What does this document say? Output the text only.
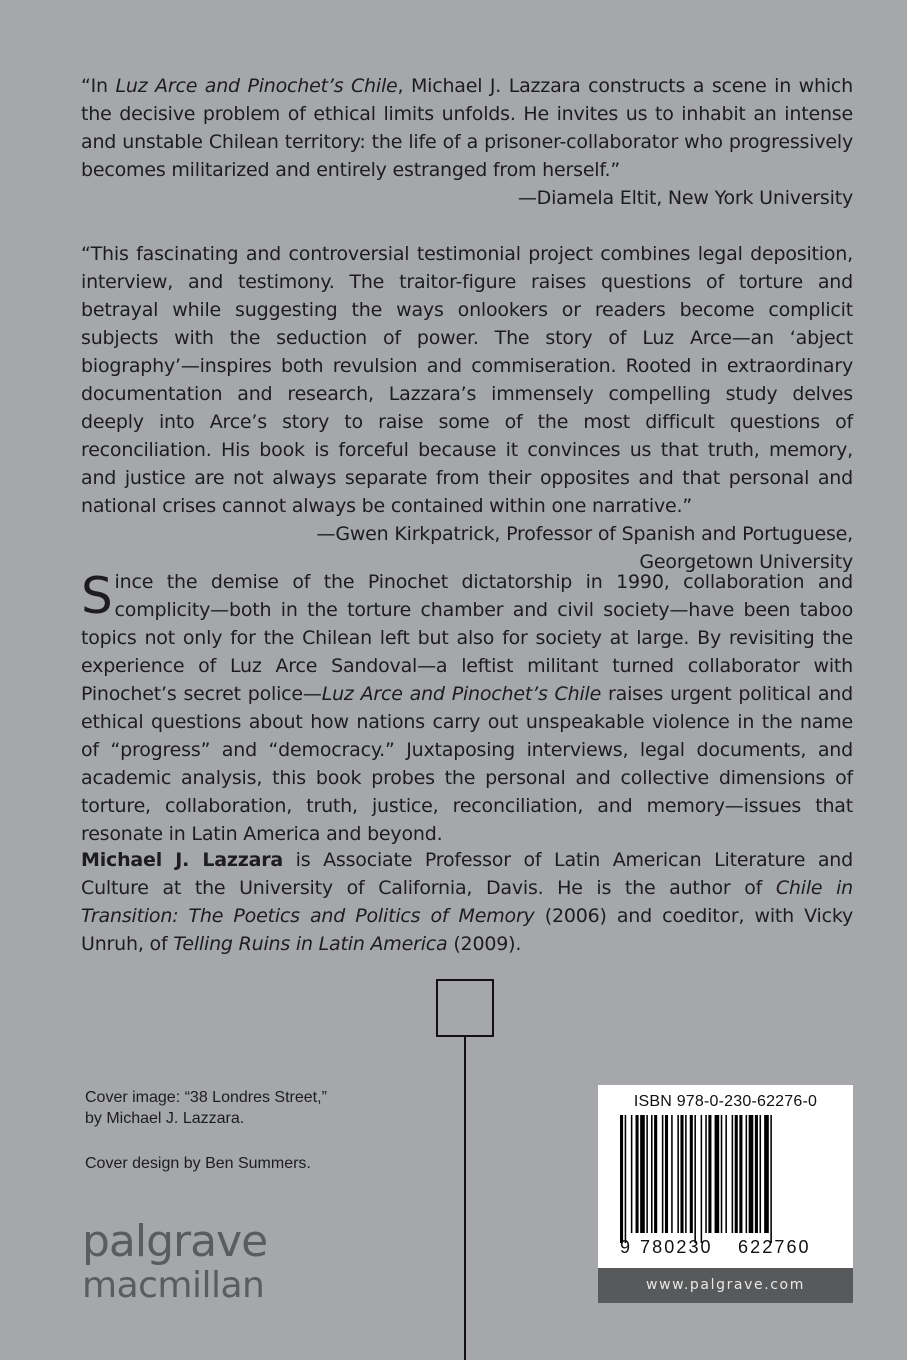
“In Luz Arce and Pinochet’s Chile, Michael J. Lazzara constructs a scene in which the decisive problem of ethical limits unfolds. He invites us to inhabit an intense and unstable Chilean territory: the life of a prisoner-collaborator who progressively becomes militarized and entirely estranged from herself.”
—Diamela Eltit, New York University
“This fascinating and controversial testimonial project combines legal deposition, interview, and testimony. The traitor-figure raises questions of torture and betrayal while suggesting the ways onlookers or readers become complicit subjects with the seduction of power. The story of Luz Arce—an ‘abject biography’—inspires both revulsion and commiseration. Rooted in extraordinary documentation and research, Lazzara’s immensely compelling study delves deeply into Arce’s story to raise some of the most difficult questions of reconciliation. His book is forceful because it convinces us that truth, memory, and justice are not always separate from their opposites and that personal and national crises cannot always be contained within one narrative.”
—Gwen Kirkpatrick, Professor of Spanish and Portuguese,
Georgetown University
Since the demise of the Pinochet dictatorship in 1990, collaboration and complicity—both in the torture chamber and civil society—have been taboo topics not only for the Chilean left but also for society at large. By revisiting the experience of Luz Arce Sandoval—a leftist militant turned collaborator with Pinochet’s secret police—Luz Arce and Pinochet’s Chile raises urgent political and ethical questions about how nations carry out unspeakable violence in the name of “progress” and “democracy.” Juxtaposing interviews, legal documents, and academic analysis, this book probes the personal and collective dimensions of torture, collaboration, truth, justice, reconciliation, and memory—issues that resonate in Latin America and beyond.
Michael J. Lazzara is Associate Professor of Latin American Literature and Culture at the University of California, Davis. He is the author of Chile in Transition: The Poetics and Politics of Memory (2006) and coeditor, with Vicky Unruh, of Telling Ruins in Latin America (2009).
Cover image: “38 Londres Street,”
by Michael J. Lazzara.
Cover design by Ben Summers.
palgrave
macmillan
ISBN 978-0-230-62276-0
9 780230 622760
www.palgrave.com
